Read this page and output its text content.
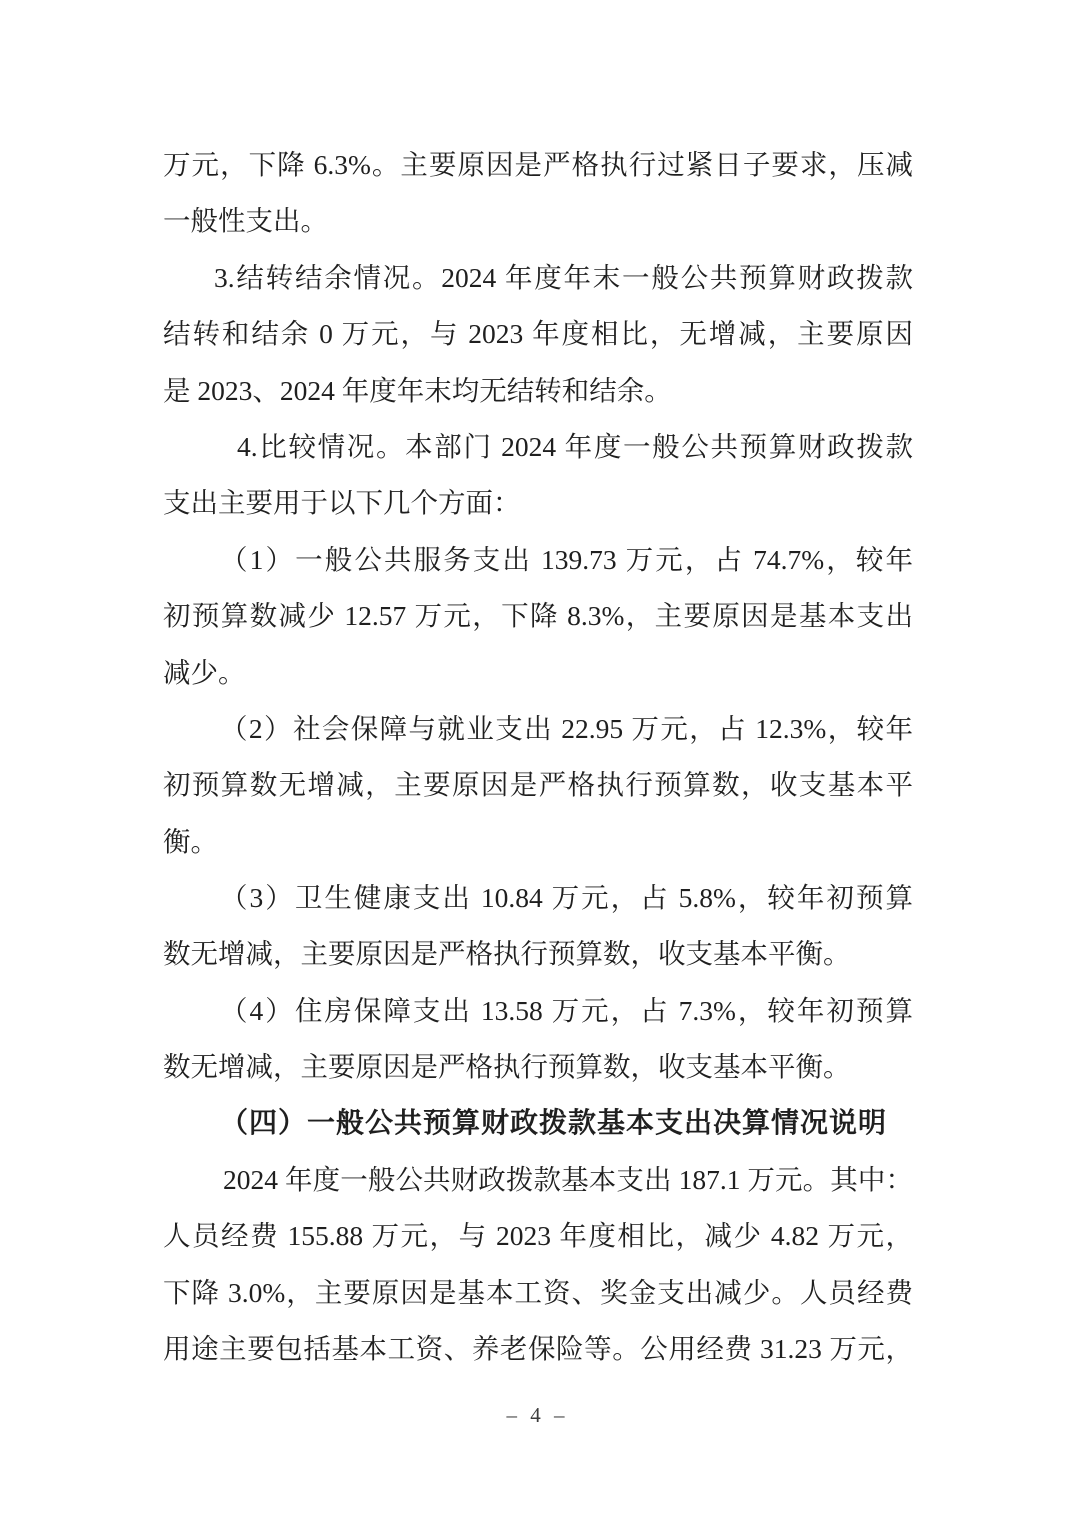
万元，下降 6.3%。主要原因是严格执行过紧日子要求，压减
一般性支出。
3.结转结余情况。2024 年度年末一般公共预算财政拨款
结转和结余 0 万元，与 2023 年度相比，无增减，主要原因
是 2023、2024 年度年末均无结转和结余。
4.比较情况。本部门 2024 年度一般公共预算财政拨款
支出主要用于以下几个方面：
（1）一般公共服务支出 139.73 万元，占 74.7%，较年
初预算数减少 12.57 万元，下降 8.3%，主要原因是基本支出
减少。
（2）社会保障与就业支出 22.95 万元，占 12.3%，较年
初预算数无增减，主要原因是严格执行预算数，收支基本平
衡。
（3）卫生健康支出 10.84 万元，占 5.8%，较年初预算
数无增减，主要原因是严格执行预算数，收支基本平衡。
（4）住房保障支出 13.58 万元，占 7.3%，较年初预算
数无增减，主要原因是严格执行预算数，收支基本平衡。
（四）一般公共预算财政拨款基本支出决算情况说明
2024 年度一般公共财政拨款基本支出 187.1 万元。其中：
人员经费 155.88 万元，与 2023 年度相比，减少 4.82 万元，
下降 3.0%，主要原因是基本工资、奖金支出减少。人员经费
用途主要包括基本工资、养老保险等。公用经费 31.23 万元，
– 4 –
